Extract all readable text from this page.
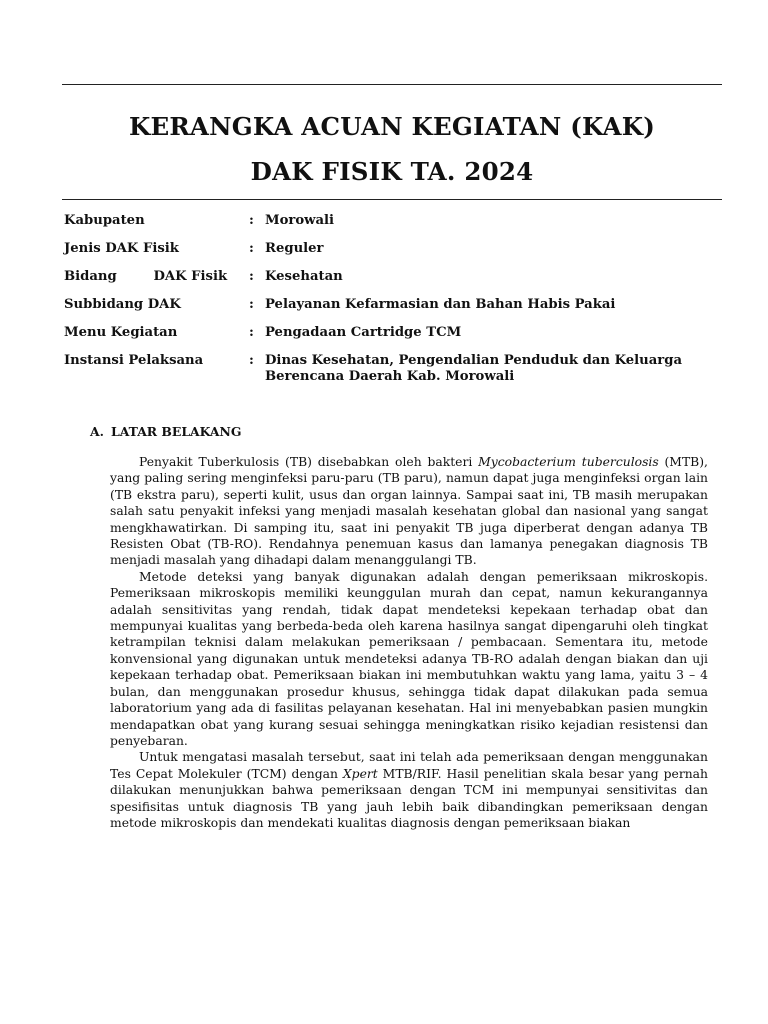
KERANGKA ACUAN KEGIATAN (KAK)
DAK FISIK TA. 2024
Kabupaten	: Morowali
Jenis DAK Fisik	: Reguler
Bidang        DAK Fisik : Kesehatan
Subbidang DAK	: Pelayanan Kefarmasian dan Bahan Habis Pakai
Menu Kegiatan	: Pengadaan Cartridge TCM
Instansi Pelaksana	: Dinas Kesehatan, Pengendalian Penduduk dan Keluarga Berencana Daerah Kab. Morowali
A. LATAR BELAKANG

Penyakit Tuberkulosis (TB) disebabkan oleh bakteri Mycobacterium tuberculosis (MTB), yang paling sering menginfeksi paru-paru (TB paru), namun dapat juga menginfeksi organ lain (TB ekstra paru), seperti kulit, usus dan organ lainnya. Sampai saat ini, TB masih merupakan salah satu penyakit infeksi yang menjadi masalah kesehatan global dan nasional yang sangat mengkhawatirkan. Di samping itu, saat ini penyakit TB juga diperberat dengan adanya TB Resisten Obat (TB-RO). Rendahnya penemuan kasus dan lamanya penegakan diagnosis TB menjadi masalah yang dihadapi dalam menanggulangi TB.

Metode deteksi yang banyak digunakan adalah dengan pemeriksaan mikroskopis. Pemeriksaan mikroskopis memiliki keunggulan murah dan cepat, namun kekurangannya adalah sensitivitas yang rendah, tidak dapat mendeteksi kepekaan terhadap obat dan mempunyai kualitas yang berbeda-beda oleh karena hasilnya sangat dipengaruhi oleh tingkat ketrampilan teknisi dalam melakukan pemeriksaan / pembacaan. Sementara itu, metode konvensional yang digunakan untuk mendeteksi adanya TB-RO adalah dengan biakan dan uji kepekaan terhadap obat. Pemeriksaan biakan ini membutuhkan waktu yang lama, yaitu 3 – 4 bulan, dan menggunakan prosedur khusus, sehingga tidak dapat dilakukan pada semua laboratorium yang ada di fasilitas pelayanan kesehatan. Hal ini menyebabkan pasien mungkin mendapatkan obat yang kurang sesuai sehingga meningkatkan risiko kejadian resistensi dan penyebaran.

Untuk mengatasi masalah tersebut, saat ini telah ada pemeriksaan dengan menggunakan Tes Cepat Molekuler (TCM) dengan Xpert MTB/RIF. Hasil penelitian skala besar yang pernah dilakukan menunjukkan bahwa pemeriksaan dengan TCM ini mempunyai sensitivitas dan spesifisitas untuk diagnosis TB yang jauh lebih baik dibandingkan pemeriksaan dengan metode mikroskopis dan mendekati kualitas diagnosis dengan pemeriksaan biakan
